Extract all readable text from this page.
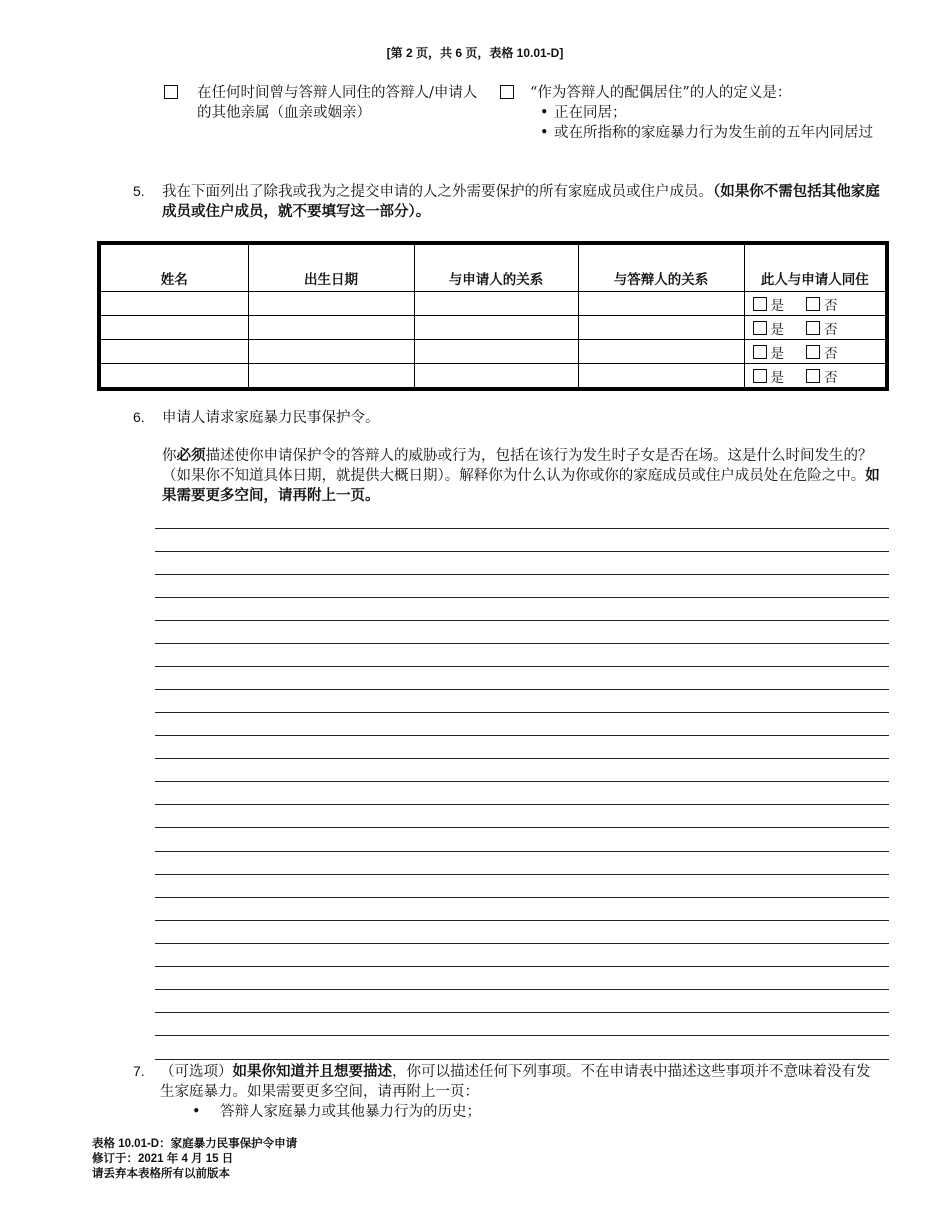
[第 2 页，共 6 页，表格 10.01-D]
在任何时间曾与答辩人同住的答辩人/申请人的其他亲属（血亲或姻亲）
“作为答辩人的配偶居住”的人的定义是：
• 正在同居；
• 或在所指称的家庭暴力行为发生前的五年内同居过
5. 我在下面列出了除我或我为之提交申请的人之外需要保护的所有家庭成员或住户成员。（如果你不需包括其他家庭成员或住户成员，就不要填写这一部分）。
姓名	出生日期	与申请人的关系	与答辩人的关系	此人与申请人同住

				是 否

				是 否

				是 否

				是 否
6. 申请人请求家庭暴力民事保护令。
你必须描述使你申请保护令的答辩人的威胁或行为，包括在该行为发生时子女是否在场。这是什么时间发生的？（如果你不知道具体日期，就提供大概日期）。解释你为什么认为你或你的家庭成员或住户成员处在危险之中。如果需要更多空间，请再附上一页。
7. （可选项）如果你知道并且想要描述，你可以描述任何下列事项。不在申请表中描述这些事项并不意味着没有发生家庭暴力。如果需要更多空间，请再附上一页：
• 答辩人家庭暴力或其他暴力行为的历史；
表格 10.01-D：家庭暴力民事保护令申请
修订于：2021 年 4 月 15 日
请丢弃本表格所有以前版本
